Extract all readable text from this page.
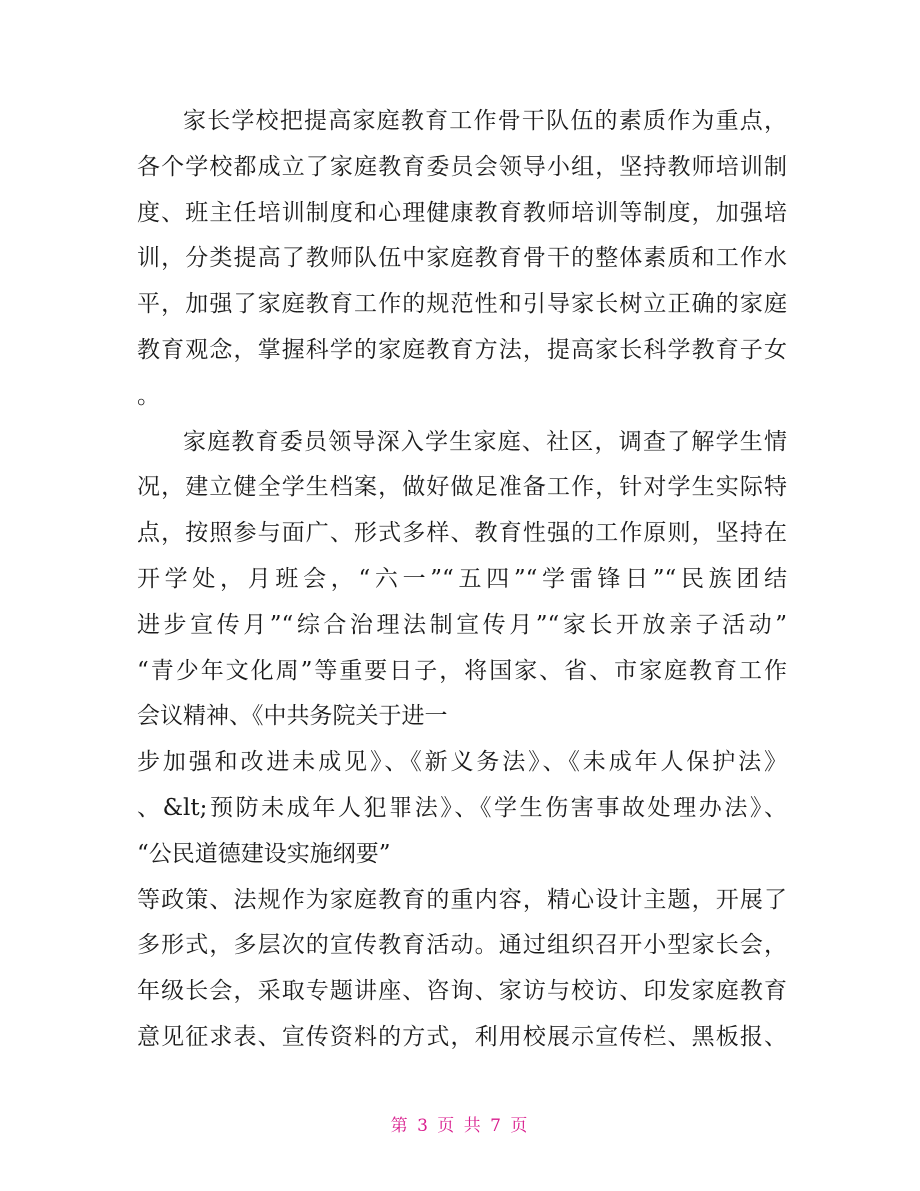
家长学校把提高家庭教育工作骨干队伍的素质作为重点，
各个学校都成立了家庭教育委员会领导小组，坚持教师培训制
度、班主任培训制度和心理健康教育教师培训等制度，加强培
训，分类提高了教师队伍中家庭教育骨干的整体素质和工作水
平，加强了家庭教育工作的规范性和引导家长树立正确的家庭
教育观念，掌握科学的家庭教育方法，提高家长科学教育子女
。
家庭教育委员领导深入学生家庭、社区，调查了解学生情
况，建立健全学生档案，做好做足准备工作，针对学生实际特
点，按照参与面广、形式多样、教育性强的工作原则，坚持在
开学处，月班会，“六一”“五四”“学雷锋日”“民族团结
进步宣传月”“综合治理法制宣传月”“家长开放亲子活动”
“青少年文化周”等重要日子，将国家、省、市家庭教育工作
会议精神、《中共务院关于进一
步加强和改进未成见》、《新义务法》、《未成年人保护法》
、&lt;预防未成年人犯罪法》、《学生伤害事故处理办法》、
“公民道德建设实施纲要”
等政策、法规作为家庭教育的重内容，精心设计主题，开展了
多形式，多层次的宣传教育活动。通过组织召开小型家长会，
年级长会，采取专题讲座、咨询、家访与校访、印发家庭教育
意见征求表、宣传资料的方式，利用校展示宣传栏、黑板报、
第 3 页 共 7 页
